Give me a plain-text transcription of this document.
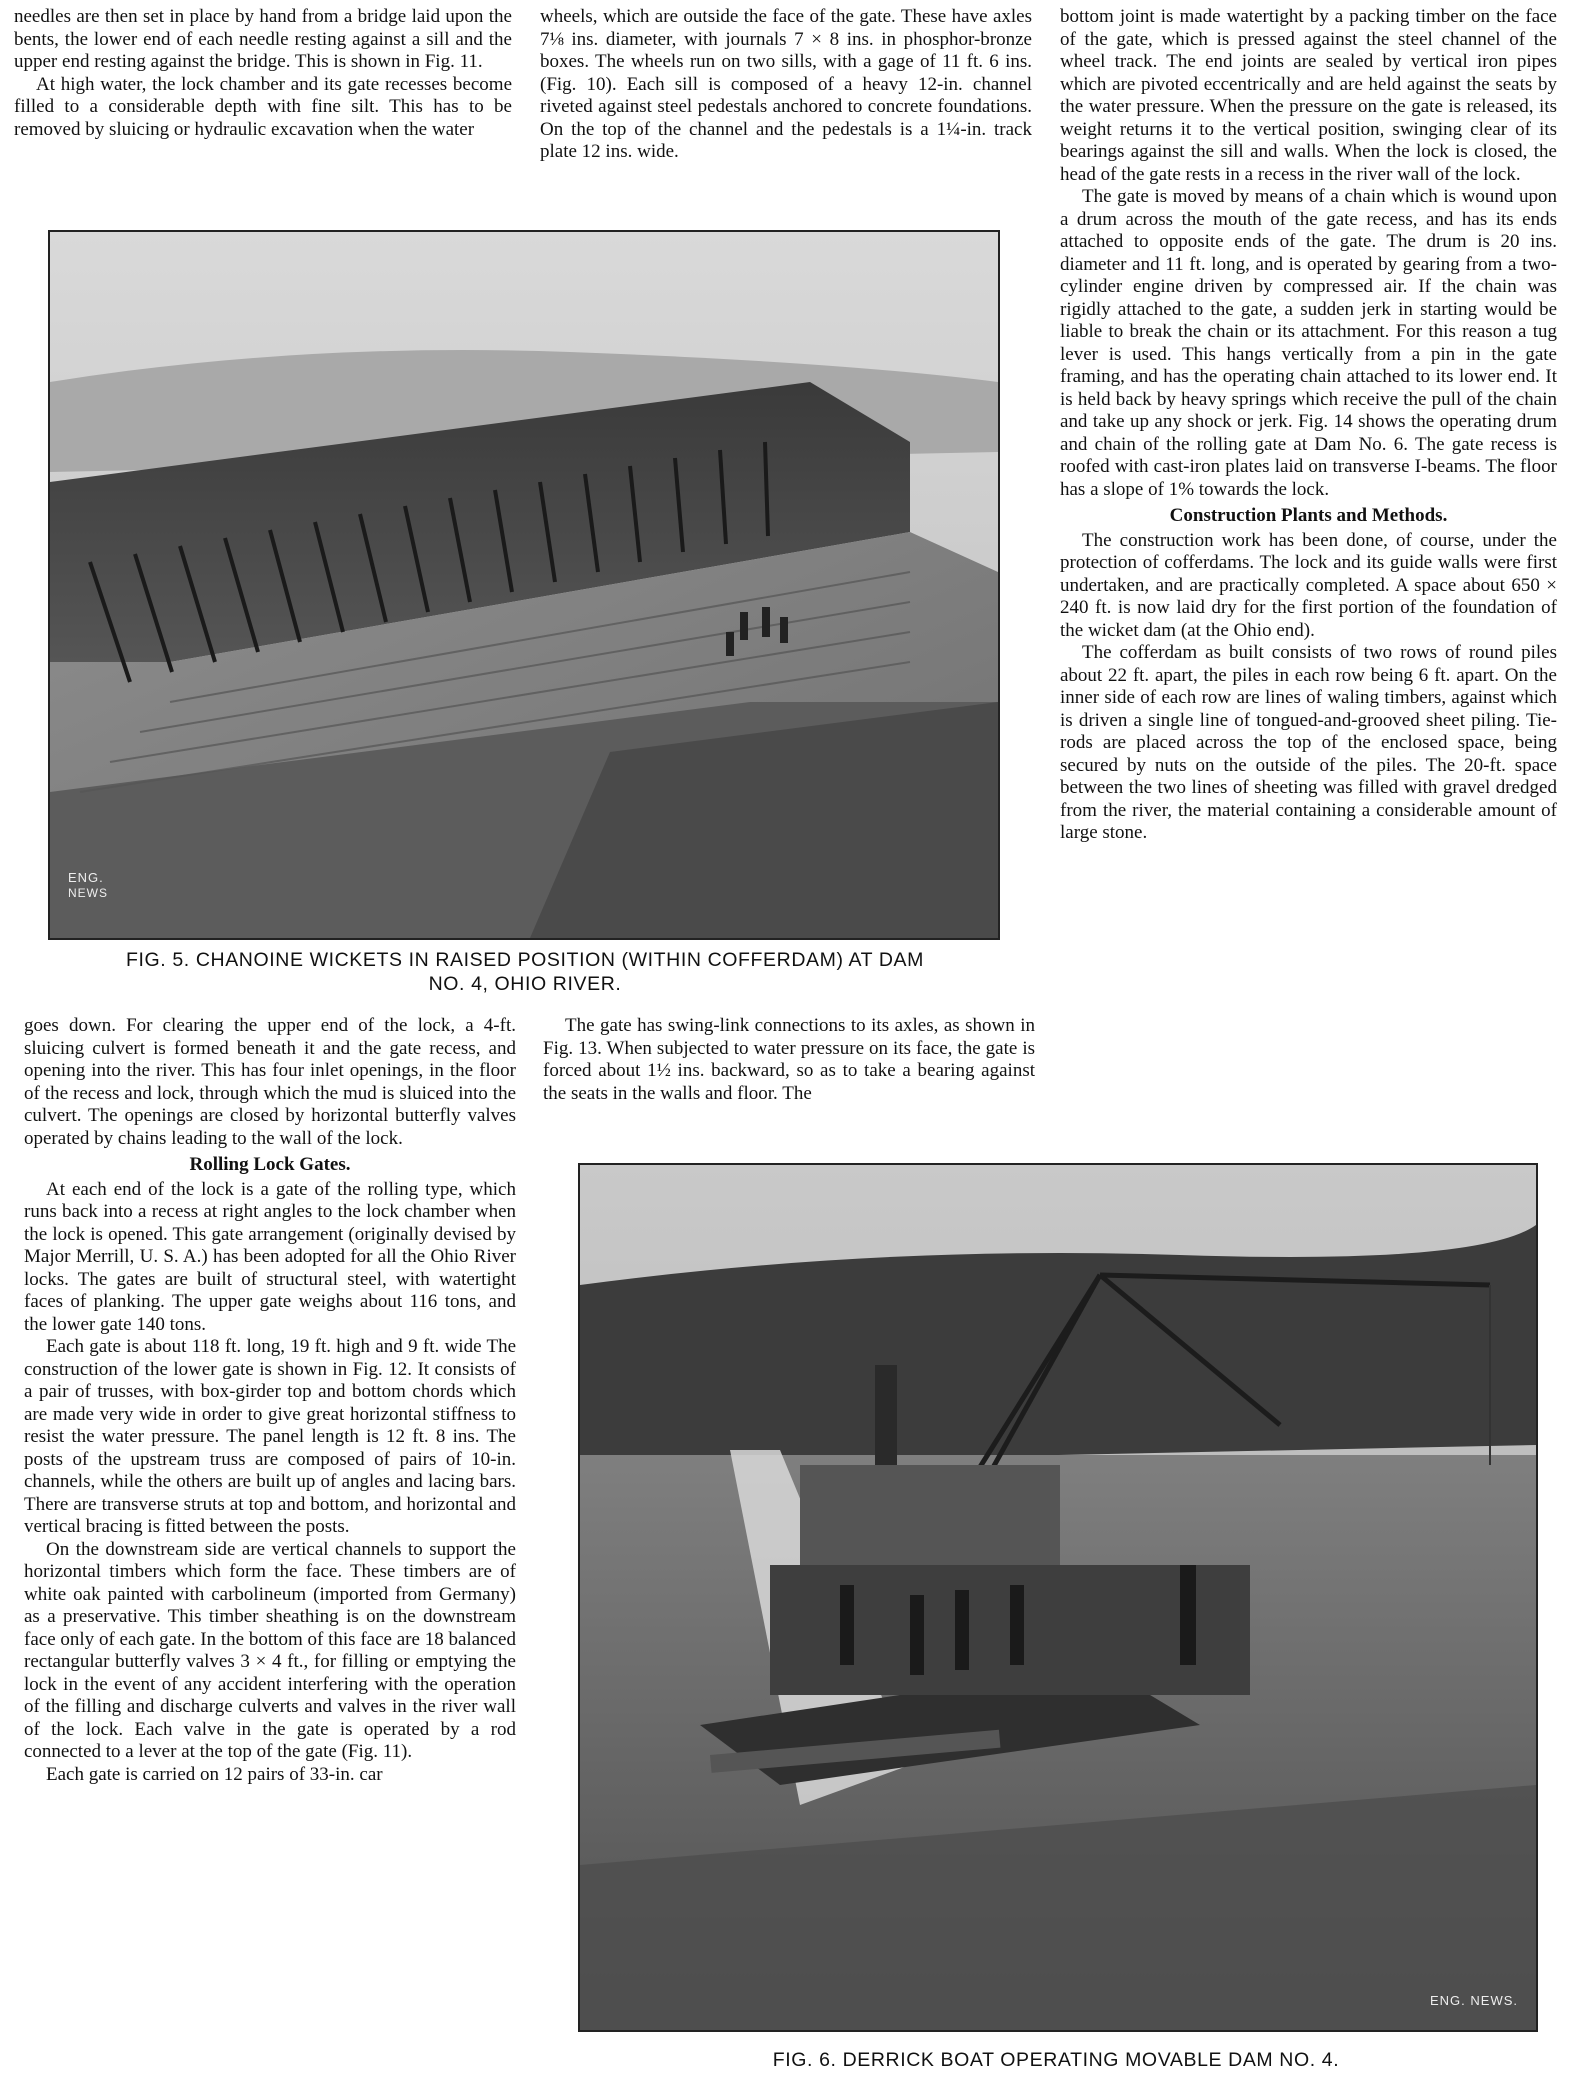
needles are then set in place by hand from a bridge laid upon the bents, the lower end of each needle resting against a sill and the upper end resting against the bridge. This is shown in Fig. 11.

At high water, the lock chamber and its gate recesses become filled to a considerable depth with fine silt. This has to be removed by sluicing or hydraulic excavation when the water

wheels, which are outside the face of the gate. These have axles 7⅛ ins. diameter, with journals 7 × 8 ins. in phosphor-bronze boxes. The wheels run on two sills, with a gage of 11 ft. 6 ins. (Fig. 10). Each sill is composed of a heavy 12-in. channel riveted against steel pedestals anchored to concrete foundations. On the top of the channel and the pedestals is a 1¼-in. track plate 12 ins. wide.

bottom joint is made watertight by a packing timber on the face of the gate, which is pressed against the steel channel of the wheel track. The end joints are sealed by vertical iron pipes which are pivoted eccentrically and are held against the seats by the water pressure. When the pressure on the gate is released, its weight returns it to the vertical position, swinging clear of its bearings against the sill and walls. When the lock is closed, the head of the gate rests in a recess in the river wall of the lock.

The gate is moved by means of a chain which is wound upon a drum across the mouth of the gate recess, and has its ends attached to opposite ends of the gate. The drum is 20 ins. diameter and 11 ft. long, and is operated by gearing from a two-cylinder engine driven by compressed air. If the chain was rigidly attached to the gate, a sudden jerk in starting would be liable to break the chain or its attachment. For this reason a tug lever is used. This hangs vertically from a pin in the gate framing, and has the operating chain attached to its lower end. It is held back by heavy springs which receive the pull of the chain and take up any shock or jerk. Fig. 14 shows the operating drum and chain of the rolling gate at Dam No. 6. The gate recess is roofed with cast-iron plates laid on transverse I-beams. The floor has a slope of 1% towards the lock.

Construction Plants and Methods.

The construction work has been done, of course, under the protection of cofferdams. The lock and its guide walls were first undertaken, and are practically completed. A space about 650 × 240 ft. is now laid dry for the first portion of the foundation of the wicket dam (at the Ohio end).

The cofferdam as built consists of two rows of round piles about 22 ft. apart, the piles in each row being 6 ft. apart. On the inner side of each row are lines of waling timbers, against which is driven a single line of tongued-and-grooved sheet piling. Tie-rods are placed across the top of the enclosed space, being secured by nuts on the outside of the piles. The 20-ft. space between the two lines of sheeting was filled with gravel dredged from the river, the material containing a considerable amount of large stone.

goes down. For clearing the upper end of the lock, a 4-ft. sluicing culvert is formed beneath it and the gate recess, and opening into the river. This has four inlet openings, in the floor of the recess and lock, through which the mud is sluiced into the culvert. The openings are closed by horizontal butterfly valves operated by chains leading to the wall of the lock.

Rolling Lock Gates.

At each end of the lock is a gate of the rolling type, which runs back into a recess at right angles to the lock chamber when the lock is opened. This gate arrangement (originally devised by Major Merrill, U. S. A.) has been adopted for all the Ohio River locks. The gates are built of structural steel, with watertight faces of planking. The upper gate weighs about 116 tons, and the lower gate 140 tons.

Each gate is about 118 ft. long, 19 ft. high and 9 ft. wide The construction of the lower gate is shown in Fig. 12. It consists of a pair of trusses, with box-girder top and bottom chords which are made very wide in order to give great horizontal stiffness to resist the water pressure. The panel length is 12 ft. 8 ins. The posts of the upstream truss are composed of pairs of 10-in. channels, while the others are built up of angles and lacing bars. There are transverse struts at top and bottom, and horizontal and vertical bracing is fitted between the posts.

On the downstream side are vertical channels to support the horizontal timbers which form the face. These timbers are of white oak painted with carbolineum (imported from Germany) as a preservative. This timber sheathing is on the downstream face only of each gate. In the bottom of this face are 18 balanced rectangular butterfly valves 3 × 4 ft., for filling or emptying the lock in the event of any accident interfering with the operation of the filling and discharge culverts and valves in the river wall of the lock. Each valve in the gate is operated by a rod connected to a lever at the top of the gate (Fig. 11).

Each gate is carried on 12 pairs of 33-in. car

The gate has swing-link connections to its axles, as shown in Fig. 13. When subjected to water pressure on its face, the gate is forced about 1½ ins. backward, so as to take a bearing against the seats in the walls and floor. The

ENG.
NEWS
FIG. 5. CHANOINE WICKETS IN RAISED POSITION (WITHIN COFFERDAM) AT DAM
NO. 4, OHIO RIVER.
ENG. NEWS.
FIG. 6. DERRICK BOAT OPERATING MOVABLE DAM NO. 4.
